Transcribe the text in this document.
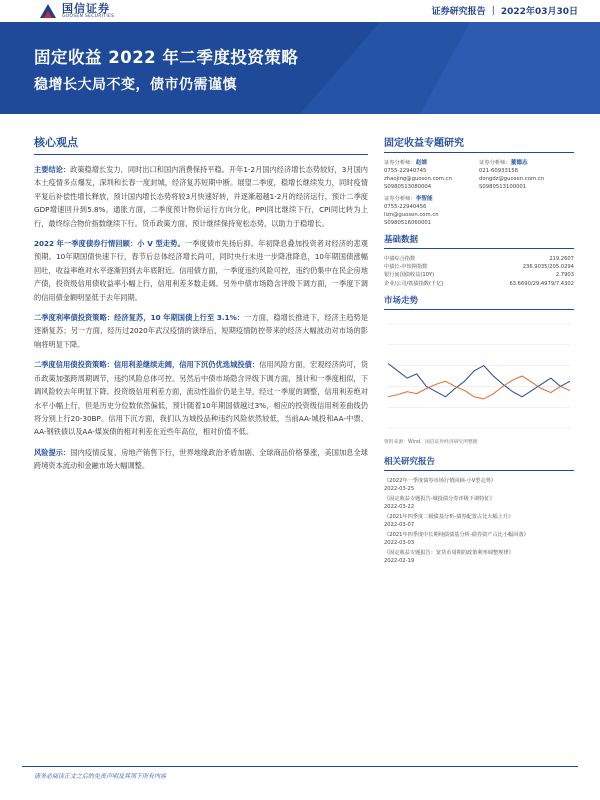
国信证券
GUOSEN SECURITIES	证券研究报告 ｜ 2022年03月30日
固定收益 2022 年二季度投资策略
稳增长大局不变，债市仍需谨慎
核心观点

主要结论：政策稳增长发力，同时出口和国内消费保持平稳。开年1-2月国内经济增长态势较好，3月国内本土疫情多点爆发，深圳和长春一度封城，经济复苏短期中断。展望二季度，稳增长继续发力，同时疫情平复后补偿性增长释放，预计国内增长态势将较3月快速好转，并逐渐超越1-2月的经济运行，预计二季度GDP增速回升到5.8%。通胀方面，二季度预计物价运行方向分化，PPI同比继续下行，CPI同比转为上行，最终综合物价指数继续下行。货币政策方面，预计继续保持宽松态势，以助力于稳增长。

2022 年一季度债券行情回顾：小 V 型走势。一季度债市先扬后抑。年初降息叠加投资者对经济的悲观预期。10年期国债快速下行，春节后总体经济增长尚可，同时央行未进一步降准降息，10年期国债涨幅回吐，收益率绝对水平逐渐回到去年底附近。信用债方面，一季度违约风险可控，违约仍集中在民企房地产债，投资级信用债收益率小幅上行，信用利差多数走阔。另外中债市场隐含评级下调方面，一季度下调的信用债金额明显低于去年同期。

二季度利率债投资策略：经济复苏，10 年期国债上行至 3.1%：一方面，稳增长推进下，经济主趋势是逐渐复苏；另一方面，经历过2020年武汉疫情的演绎后，短期疫情防控带来的经济大幅波动对市场的影响将明显下降。

二季度信用债投资策略：信用利差继续走阔，信用下沉仍优选城投债：信用风险方面，宏观经济尚可，货币政策加强跨周期调节，违约风险总体可控。另然后中债市场隐含评级下调方面，预计和一季度相似，下调风险较去年明显下降。投资级信用利差方面，流动性溢价仍是主导，经过一季度的调整，信用利差绝对水平小幅上行，但是历史分位数依然偏低，预计随着10年期国债越过3%，相应的投资级信用利差曲线仍将分别上行20-30BP。信用下沉方面，我们认为城投品种违约风险依然较低，当前AA-城投和AA-中票、AA-钢铁债以及AA-煤炭债的相对利差在近些年高位，相对价值不低。

风险提示：国内疫情反复、房地产销售下行，世界地缘政治矛盾加剧、全球商品价格暴涨，美国加息全球跨境资本流动和金融市场大幅调整。

固定收益专题研究
证券分析师：赵婧
0755-22940745
zhaojing@guosen.com.cn
S0980513080004
证券分析师：董德志
021-60933158
dongdz@guosen.com.cn
S0980513100001
证券分析师：李智能
0755-22940456
lizn@guosen.com.cn
S0980516060001
基础数据
中债综合指数	219.2607
中债长-中短期指数	236.9035/205.0294
银行间国债收益(10Y)	2.7903
企业/公司/铁债指数(千亿)	63.6690/29.4979/7.4302
市场走势
资料来源：Wind、国信证券经济研究所整理
相关研究报告
《2022年一季度债券市场行情回顾-小V型走势》
2022-03-25
《固定收益专题报告-城投债分券评级下调特征》
2022-03-22
《2021年四季度二级债基分析-债券配置占比大幅上升》
2022-03-07
《2021年四季度中长期纯债债基分析-债券资产占比小幅回落》
2022-03-03
《固定收益专题报告：宽货币周期的政策利率调整规律》
2022-02-19
请务必阅读正文之后的免责声明及其项下所有内容
